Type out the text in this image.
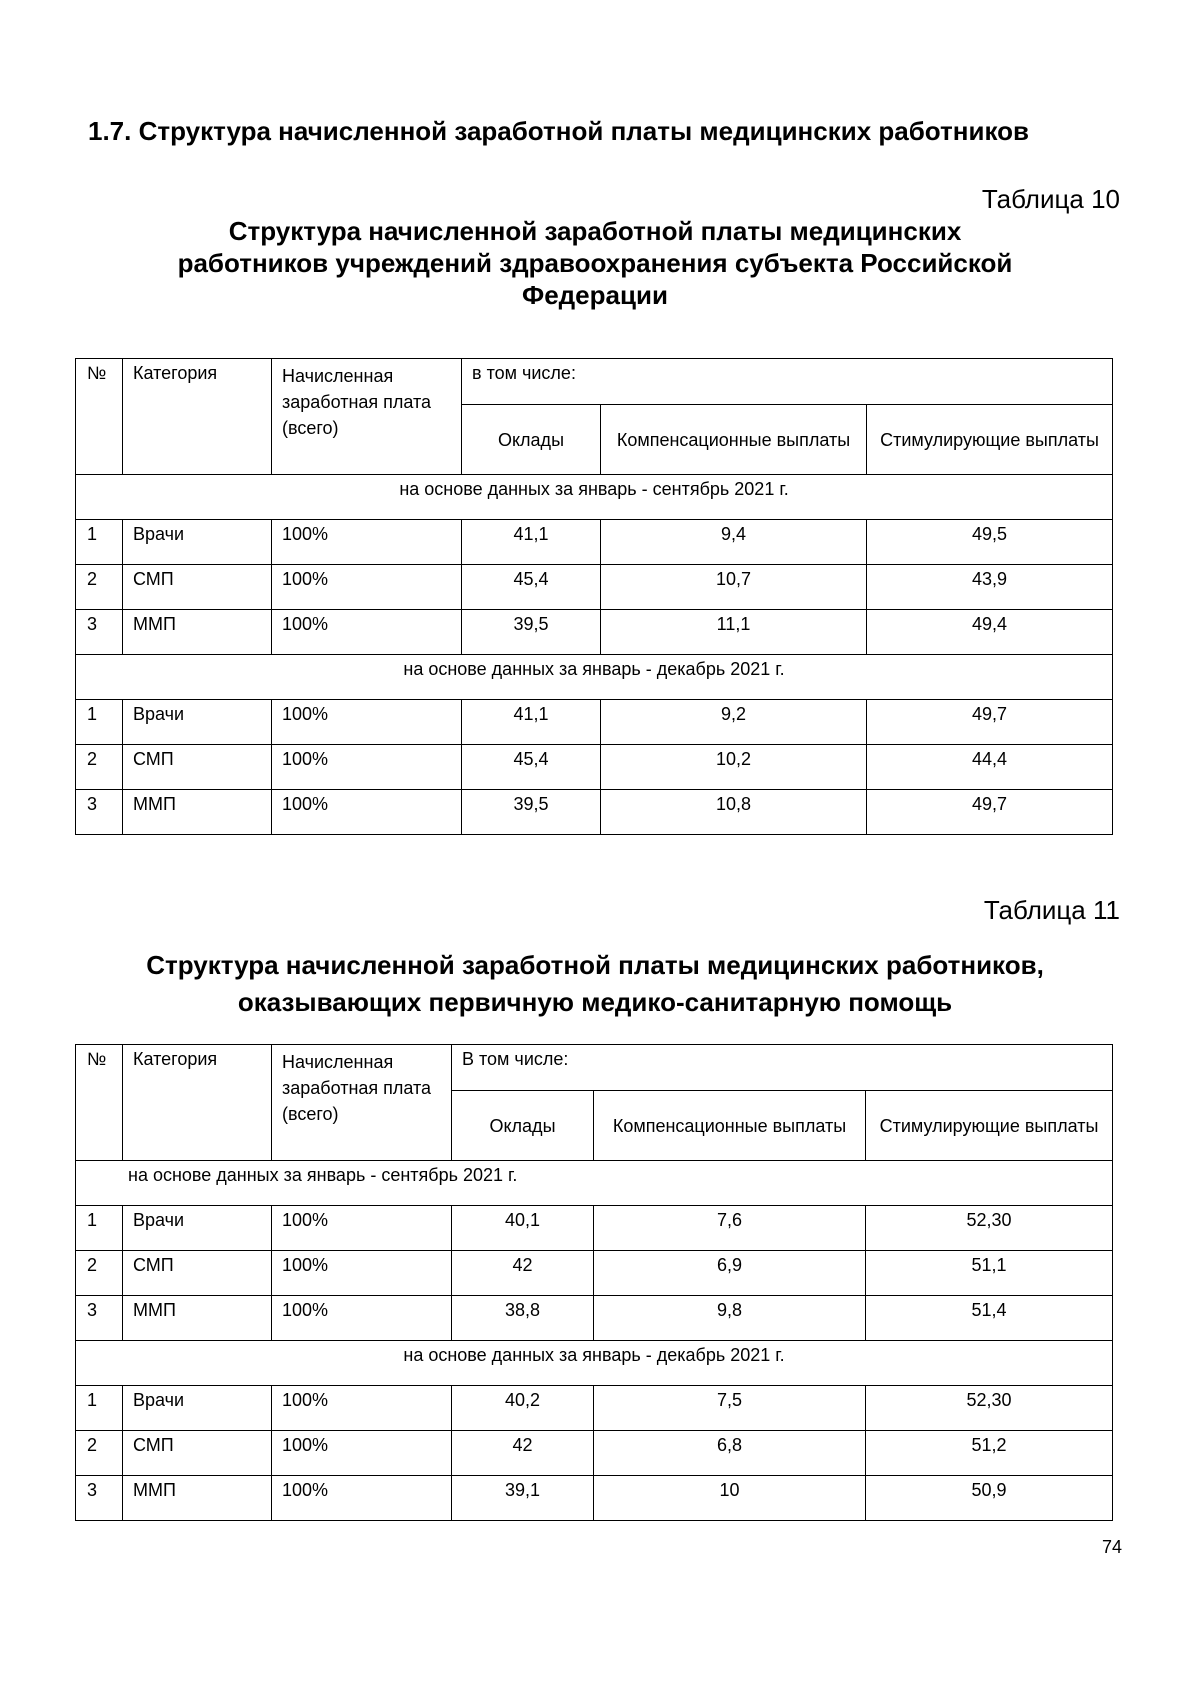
1.7. Структура начисленной заработной платы медицинских работников

Таблица 10

Структура начисленной заработной платы медицинских
работников учреждений здравоохранения субъекта Российской
Федерации
№	Категория	Начисленная заработная плата (всего)	в том числе:		
			Оклады	Компенсационные выплаты	Стимулирующие выплаты
на основе данных за январь - сентябрь 2021 г.					
1	Врачи	100%	41,1	9,4	49,5
2	СМП	100%	45,4	10,7	43,9
3	ММП	100%	39,5	11,1	49,4
на основе данных за январь - декабрь 2021 г.					
1	Врачи	100%	41,1	9,2	49,7
2	СМП	100%	45,4	10,2	44,4
3	ММП	100%	39,5	10,8	49,7

Таблица 11

Структура начисленной заработной платы медицинских работников,
оказывающих первичную медико-санитарную помощь
№	Категория	Начисленная заработная плата (всего)	В том числе:		
			Оклады	Компенсационные выплаты	Стимулирующие выплаты
на основе данных за январь - сентябрь 2021 г.					
1	Врачи	100%	40,1	7,6	52,30
2	СМП	100%	42	6,9	51,1
3	ММП	100%	38,8	9,8	51,4
на основе данных за январь - декабрь 2021 г.					
1	Врачи	100%	40,2	7,5	52,30
2	СМП	100%	42	6,8	51,2
3	ММП	100%	39,1	10	50,9

74
